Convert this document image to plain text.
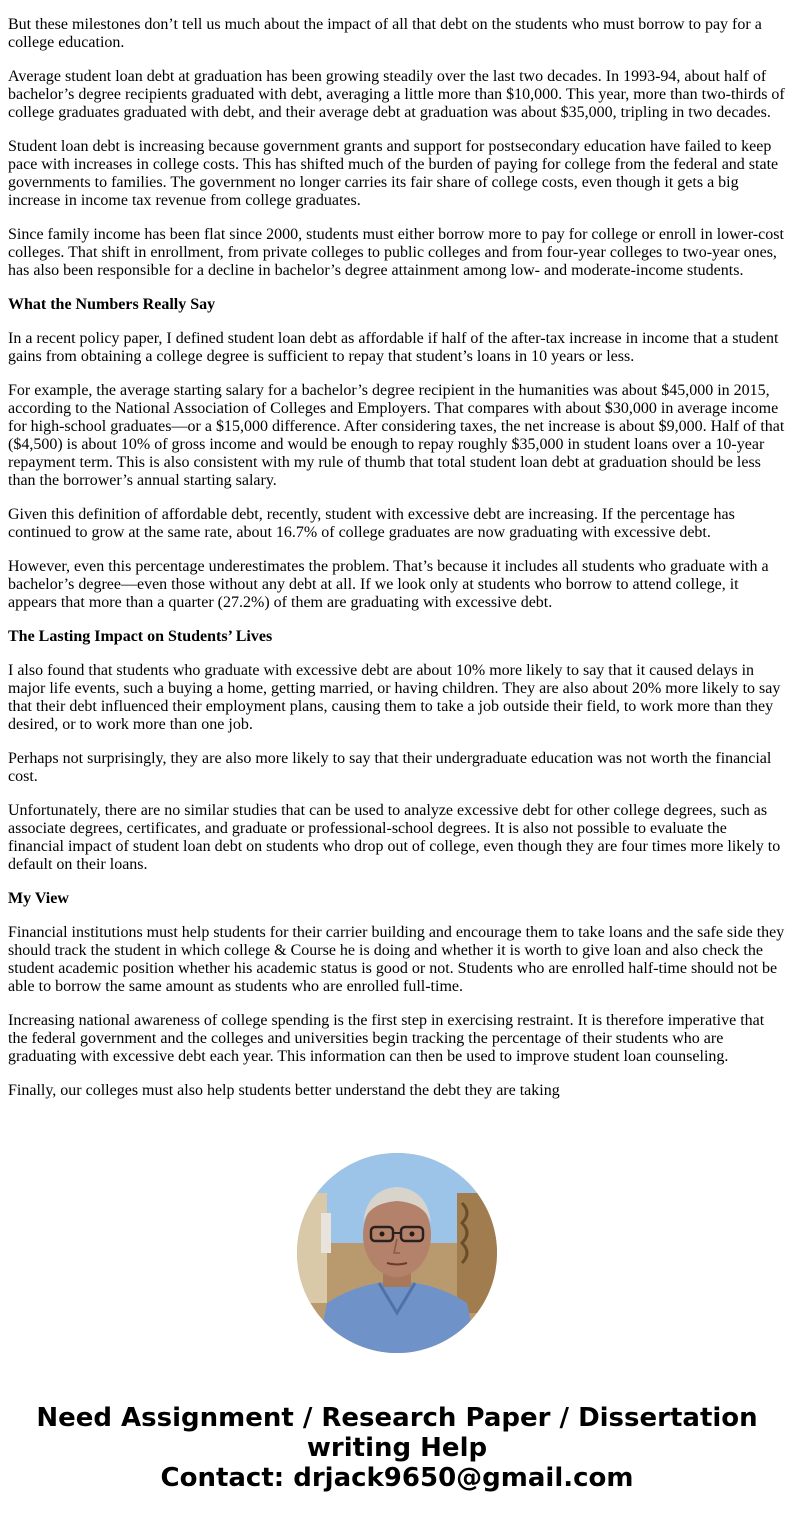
But these milestones don’t tell us much about the impact of all that debt on the students who must borrow to pay for a college education.

Average student loan debt at graduation has been growing steadily over the last two decades. In 1993-94, about half of bachelor’s degree recipients graduated with debt, averaging a little more than $10,000. This year, more than two-thirds of college graduates graduated with debt, and their average debt at graduation was about $35,000, tripling in two decades.

Student loan debt is increasing because government grants and support for postsecondary education have failed to keep pace with increases in college costs. This has shifted much of the burden of paying for college from the federal and state governments to families. The government no longer carries its fair share of college costs, even though it gets a big increase in income tax revenue from college graduates.

Since family income has been flat since 2000, students must either borrow more to pay for college or enroll in lower-cost colleges. That shift in enrollment, from private colleges to public colleges and from four-year colleges to two-year ones, has also been responsible for a decline in bachelor’s degree attainment among low- and moderate-income students.

What the Numbers Really Say

In a recent policy paper, I defined student loan debt as affordable if half of the after-tax increase in income that a student gains from obtaining a college degree is sufficient to repay that student’s loans in 10 years or less.

For example, the average starting salary for a bachelor’s degree recipient in the humanities was about $45,000 in 2015, according to the National Association of Colleges and Employers. That compares with about $30,000 in average income for high-school graduates—or a $15,000 difference. After considering taxes, the net increase is about $9,000. Half of that ($4,500) is about 10% of gross income and would be enough to repay roughly $35,000 in student loans over a 10-year repayment term. This is also consistent with my rule of thumb that total student loan debt at graduation should be less than the borrower’s annual starting salary.

Given this definition of affordable debt, recently, student with excessive debt are increasing. If the percentage has continued to grow at the same rate, about 16.7% of college graduates are now graduating with excessive debt.

However, even this percentage underestimates the problem. That’s because it includes all students who graduate with a bachelor’s degree—even those without any debt at all. If we look only at students who borrow to attend college, it appears that more than a quarter (27.2%) of them are graduating with excessive debt.

The Lasting Impact on Students’ Lives

I also found that students who graduate with excessive debt are about 10% more likely to say that it caused delays in major life events, such a buying a home, getting married, or having children. They are also about 20% more likely to say that their debt influenced their employment plans, causing them to take a job outside their field, to work more than they desired, or to work more than one job.

Perhaps not surprisingly, they are also more likely to say that their undergraduate education was not worth the financial cost.

Unfortunately, there are no similar studies that can be used to analyze excessive debt for other college degrees, such as associate degrees, certificates, and graduate or professional-school degrees. It is also not possible to evaluate the financial impact of student loan debt on students who drop out of college, even though they are four times more likely to default on their loans.

My View

Financial institutions must help students for their carrier building and encourage them to take loans and the safe side they should track the student in which college & Course he is doing and whether it is worth to give loan and also check the student academic position whether his academic status is good or not. Students who are enrolled half-time should not be able to borrow the same amount as students who are enrolled full-time.

Increasing national awareness of college spending is the first step in exercising restraint. It is therefore imperative that the federal government and the colleges and universities begin tracking the percentage of their students who are graduating with excessive debt each year. This information can then be used to improve student loan counseling.

Finally, our colleges must also help students better understand the debt they are taking

Need Assignment / Research Paper / Dissertation
writing Help
Contact: drjack9650@gmail.com
